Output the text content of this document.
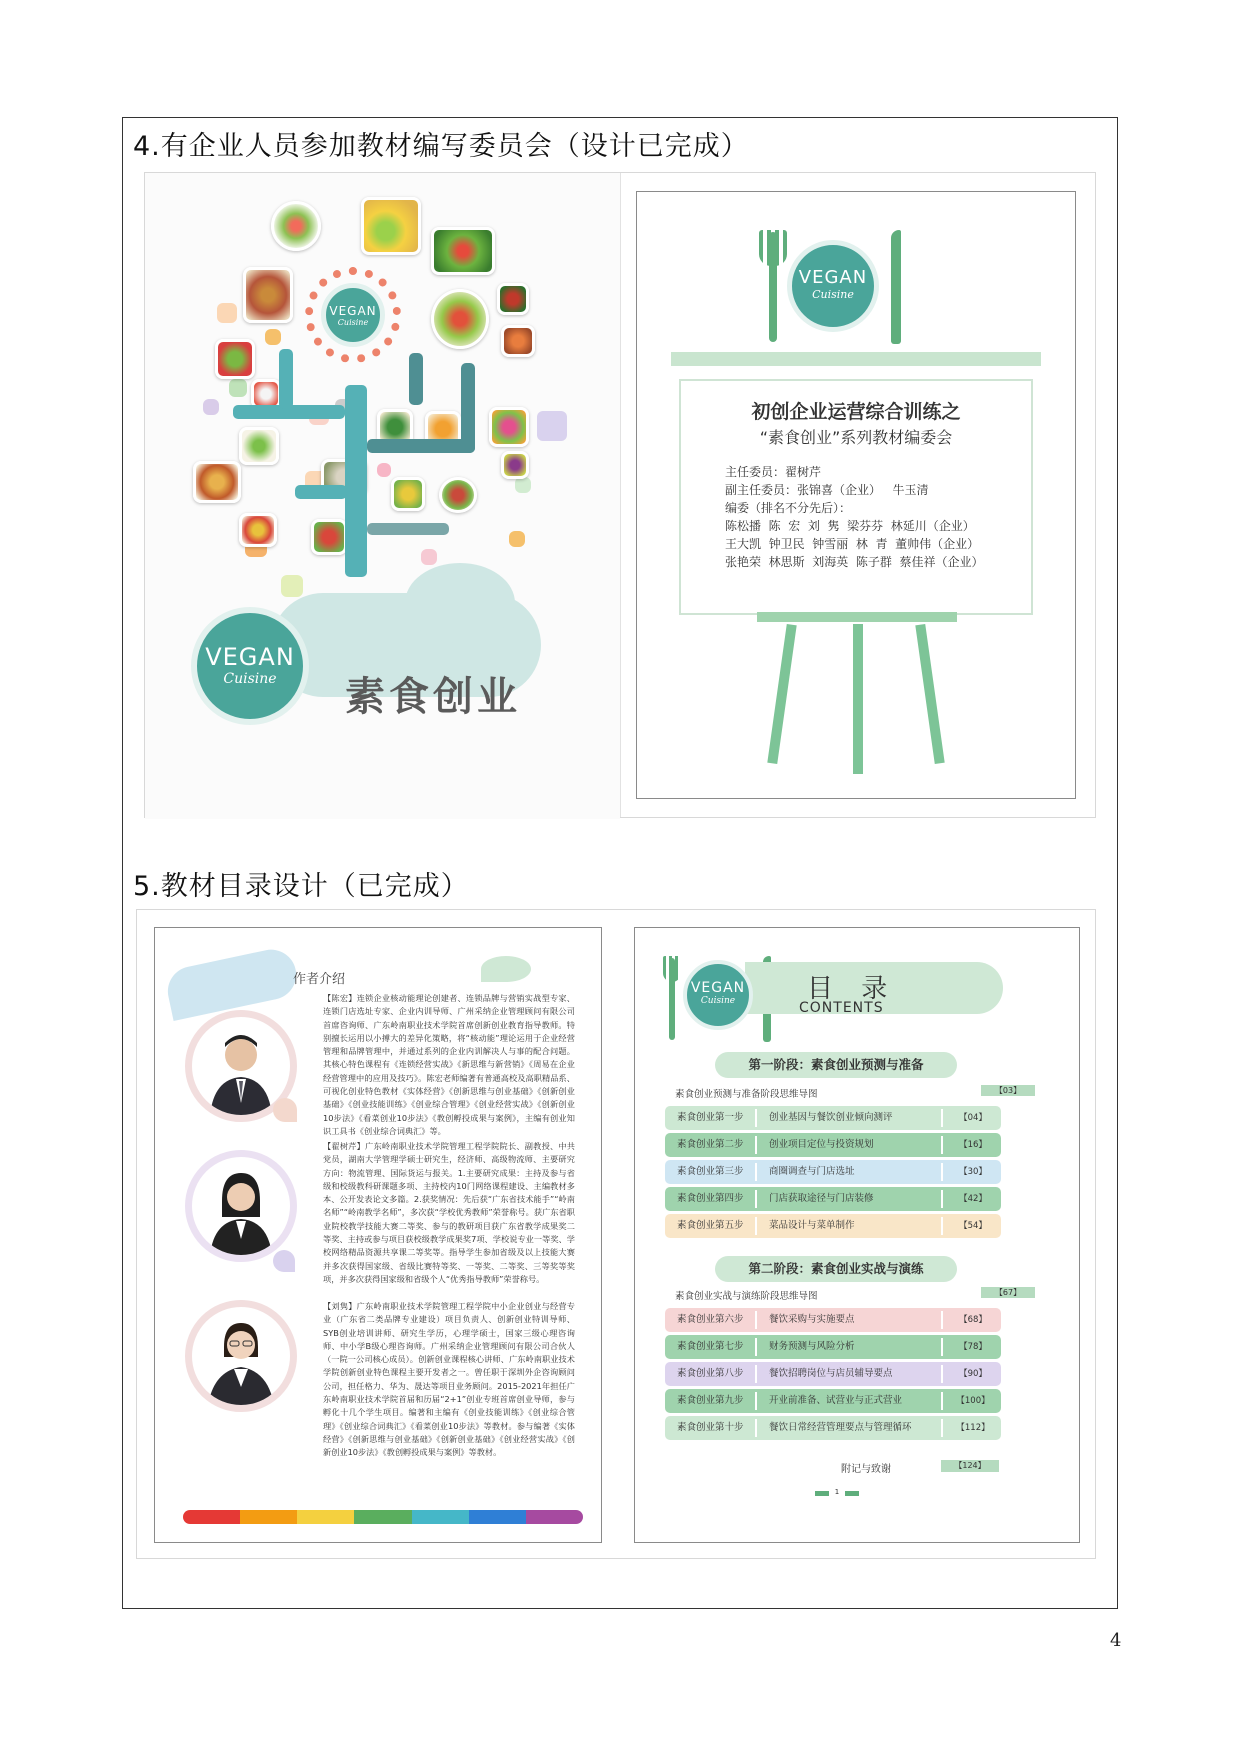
4.有企业人员参加教材编写委员会（设计已完成）
VEGAN
Cuisine
VEGAN
Cuisine	素食创业
VEGAN
Cuisine
初创企业运营综合训练之
“素食创业”系列教材编委会
主任委员：翟树芹
副主任委员：张锦喜（企业）   牛玉清
编委（排名不分先后）：
陈松播  陈  宏  刘  隽  梁芬芬  林延川（企业）
王大凯  钟卫民  钟雪丽  林  青  董帅伟（企业）
张艳荣  林思斯  刘海英  陈子群  蔡佳祥（企业）
5.教材目录设计（已完成）
作者介绍
【陈宏】连锁企业核动能理论创建者、连锁品牌与营销实战型专家、连锁门店选址专家、企业内训导师、广州采纳企业管理顾问有限公司首席咨询师、广东岭南职业技术学院首席创新创业教育指导教师。特别擅长运用以小搏大的差异化策略，将“核动能”理论运用于企业经营管理和品牌管理中，并通过系列的企业内训解决人与事的配合问题。其核心特色课程有《连锁经营实战》《新思维与新营销》《周易在企业经营管理中的应用及技巧》。陈宏老师编著有普通高校及高职精品系、可视化创业特色教材《实体经营》《创新思维与创业基础》《创新创业基础》《创业技能训练》《创业综合管理》《创业经营实战》《创新创业10步法》《看菜创业10步法》《教创孵投成果与案例》，主编有创业知识工具书《创业综合词典汇》等。
【翟树芹】广东岭南职业技术学院管理工程学院院长、副教授、中共党员，湖南大学管理学硕士研究生，经济师、高级物流师、主要研究方向：物流管理、国际货运与报关。1.主要研究成果：主持及参与省级和校级教科研课题多项、主持校内10门网络课程建设、主编教材多本、公开发表论文多篇。2.获奖情况：先后获“广东省技术能手”“岭南名师”“岭南教学名师”，多次获“学校优秀教师”荣誉称号。获广东省职业院校教学技能大赛二等奖、参与的教研项目获广东省教学成果奖二等奖、主持或参与项目获校级教学成果奖7项、学校说专业一等奖、学校网络精品资源共享课二等奖等。指导学生参加省级及以上技能大赛并多次获得国家级、省级比赛特等奖、一等奖、二等奖、三等奖等奖项，并多次获得国家级和省级个人“优秀指导教师”荣誉称号。
【刘隽】广东岭南职业技术学院管理工程学院中小企业创业与经营专业（广东省二类品牌专业建设）项目负责人、创新创业特训导师、SYB创业培训讲师、研究生学历，心理学硕士，国家三级心理咨询师、中小学B级心理咨询师。广州采纳企业管理顾问有限公司合伙人（一院一公司核心成员）。创新创业课程核心讲师、广东岭南职业技术学院创新创业特色课程主要开发者之一。曾任职于深圳外企咨询顾问公司，担任格力、华为、晟达等项目业务顾问。2015-2021年担任广东岭南职业技术学院首届和历届“2+1”创业专班首席创业导师，参与孵化十几个学生项目。编著和主编有《创业技能训练》《创业综合管理》《创业综合词典汇》《看菜创业10步法》等教材。参与编著《实体经营》《创新思维与创业基础》《创新创业基础》《创业经营实战》《创新创业10步法》《教创孵投成果与案例》等教材。
VEGAN
Cuisine	目 录
CONTENTS
第一阶段：素食创业预测与准备
素食创业预测与准备阶段思维导图	【03】
第二阶段：素食创业实战与演练
素食创业实战与演练阶段思维导图	【67】
附记与致谢	【124】
1
素食创业第一步	创业基因与餐饮创业倾向测评	【04】
素食创业第二步	创业项目定位与投资规划	【16】
素食创业第三步	商圈调查与门店选址	【30】
素食创业第四步	门店获取途径与门店装修	【42】
素食创业第五步	菜品设计与菜单制作	【54】
素食创业第六步	餐饮采购与实施要点	【68】
素食创业第七步	财务预测与风险分析	【78】
素食创业第八步	餐饮招聘岗位与店员辅导要点	【90】
素食创业第九步	开业前准备、试营业与正式营业	【100】
素食创业第十步	餐饮日常经营管理要点与管理循环	【112】
4
